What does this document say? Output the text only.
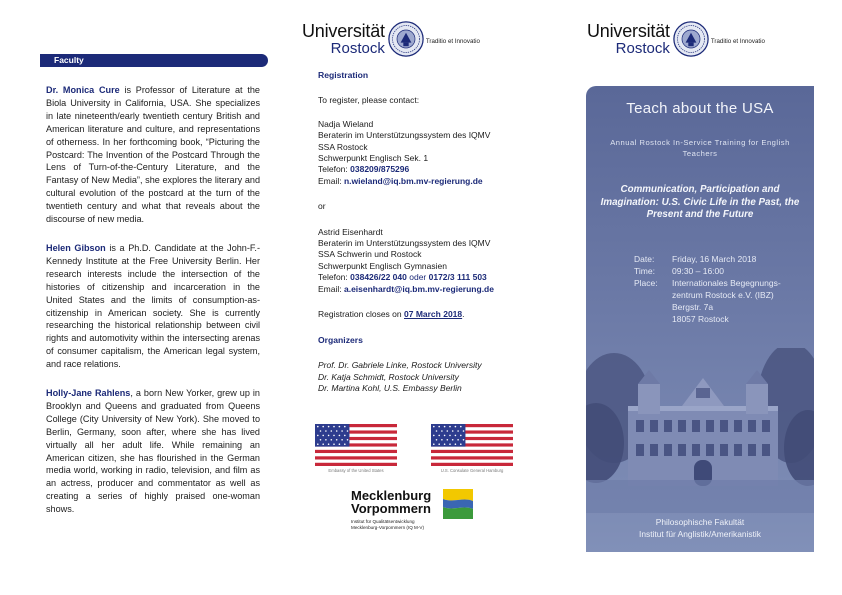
Faculty

Dr. Monica Cure is Professor of Literature at the Biola University in California, USA. She specializes in late nineteenth/early twentieth century British and American literature and culture, and representations of otherness. In her forthcoming book, “Picturing the Postcard: The Invention of the Postcard Through the Lens of Turn-of-the-Century Literature, and the Fantasy of New Media”, she explores the literary and cultural evolution of the postcard at the turn of the twentieth century and what that reveals about the discourse of new media.

Helen Gibson is a Ph.D. Candidate at the John-F.-Kennedy Institute at the Free University Berlin. Her research interests include the intersection of the histories of citizenship and incarceration in the United States and the limits of consumption-as-citizenship in American society. She is currently researching the historical relationship between civil rights and automotivity within the intersecting arenas of consumer capitalism, the American legal system, and race relations.

Holly-Jane Rahlens, a born New Yorker, grew up in Brooklyn and Queens and graduated from Queens College (City University of New York). She moved to Berlin, Germany, soon after, where she has lived virtually all her adult life. While remaining an American citizen, she has flourished in the German media world, working in radio, television, and film as an actress, producer and commentator as well as creating a series of highly praised one-woman shows.

Universität
Rostock	Traditio et Innovatio
Registration
To register, please contact:
Nadja Wieland
Beraterin im Unterstützungssystem des IQMV
SSA Rostock
Schwerpunkt Englisch Sek. 1
Telefon: 038209/875296
Email: n.wieland@iq.bm.mv-regierung.de
or
Astrid Eisenhardt
Beraterin im Unterstützungssystem des IQMV
SSA Schwerin und Rostock
Schwerpunkt Englisch Gymnasien
Telefon: 038426/22 040 oder 0172/3 111 503
Email: a.eisenhardt@iq.bm.mv-regierung.de
Registration closes on 07 March 2018.
Organizers
Prof. Dr. Gabriele Linke, Rostock University
Dr. Katja Schmidt, Rostock University
Dr. Martina Kohl, U.S. Embassy Berlin
Embassy of the United States	U.S. Consulate General Hamburg
Mecklenburg
Vorpommern
Institut für Qualitätsentwicklung
Mecklenburg-Vorpommern (IQ M-V)
Universität
Rostock	Traditio et Innovatio
Teach about the USA
Annual Rostock In-Service Training for English Teachers
Communication, Participation and Imagination: U.S. Civic Life in the Past, the Present and the Future
Date:	Friday, 16 March 2018
Time:	09:30 – 16:00
Place:	Internationales Begegnungs-
zentrum Rostock e.V. (IBZ)
Bergstr. 7a
18057 Rostock
Philosophische Fakultät
Institut für Anglistik/Amerikanistik
